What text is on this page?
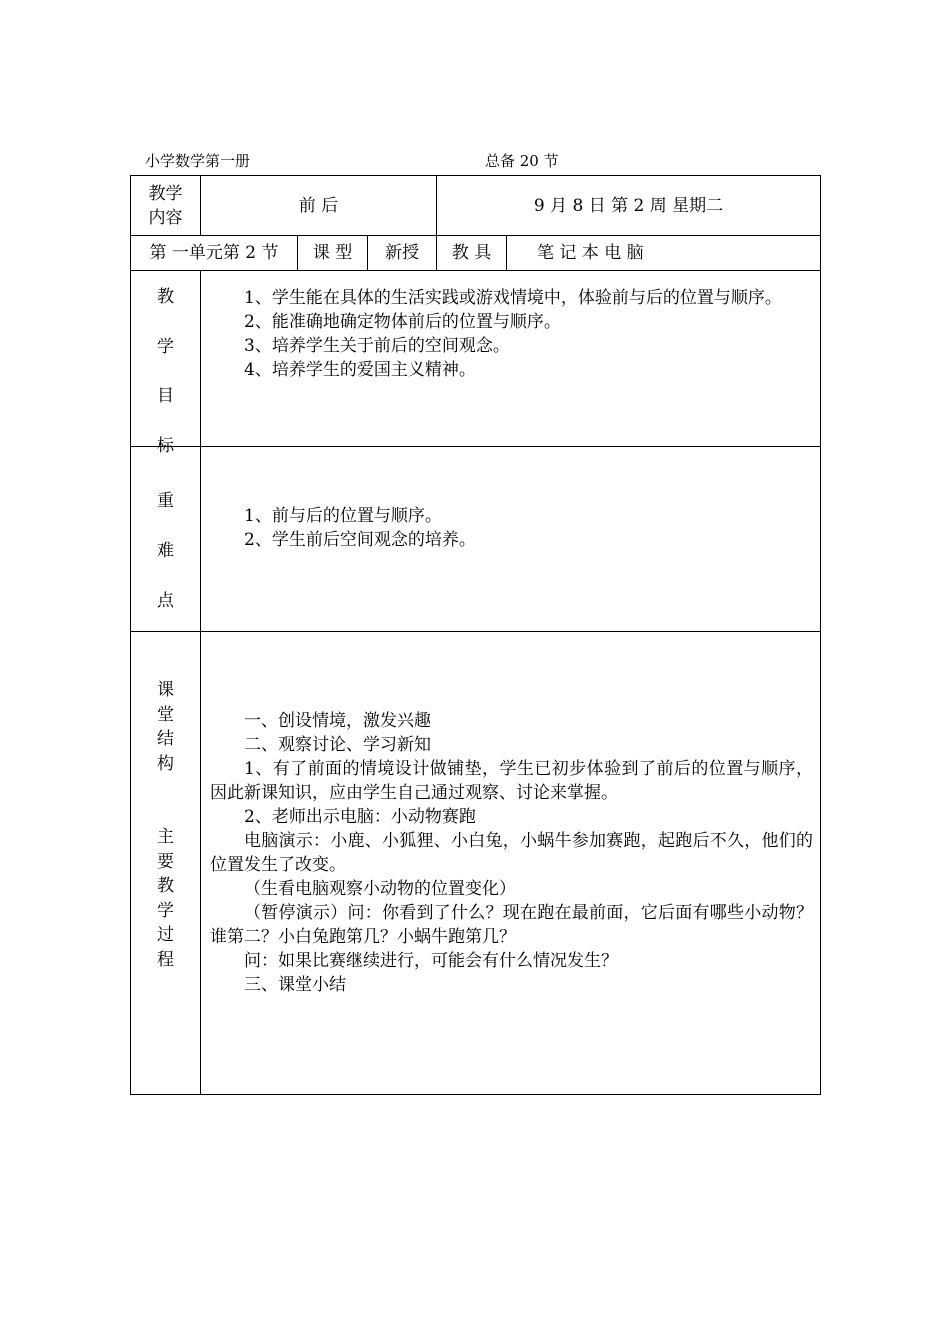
小学数学第一册	总备 20 节
教学
内容
前 后	9 月 8 日 第 2 周 星期二
第 一单元第 2 节	课 型	新授	教 具	笔 记 本 电 脑
教
学
目
标

1、学生能在具体的生活实践或游戏情境中，体验前与后的位置与顺序。

2、能准确地确定物体前后的位置与顺序。

3、培养学生关于前后的空间观念。

4、培养学生的爱国主义精神。

重
难
点

1、前与后的位置与顺序。

2、学生前后空间观念的培养。

课
堂
结
构
主
要
教
学
过
程

一、创设情境，激发兴趣

二、观察讨论、学习新知

1、有了前面的情境设计做铺垫，学生已初步体验到了前后的位置与顺序，因此新课知识，应由学生自己通过观察、讨论来掌握。

2、老师出示电脑：小动物赛跑

电脑演示：小鹿、小狐狸、小白兔，小蜗牛参加赛跑，起跑后不久，他们的位置发生了改变。

（生看电脑观察小动物的位置变化）

（暂停演示）问：你看到了什么？现在跑在最前面，它后面有哪些小动物？谁第二？小白兔跑第几？小蜗牛跑第几？

问：如果比赛继续进行，可能会有什么情况发生？

三、课堂小结
